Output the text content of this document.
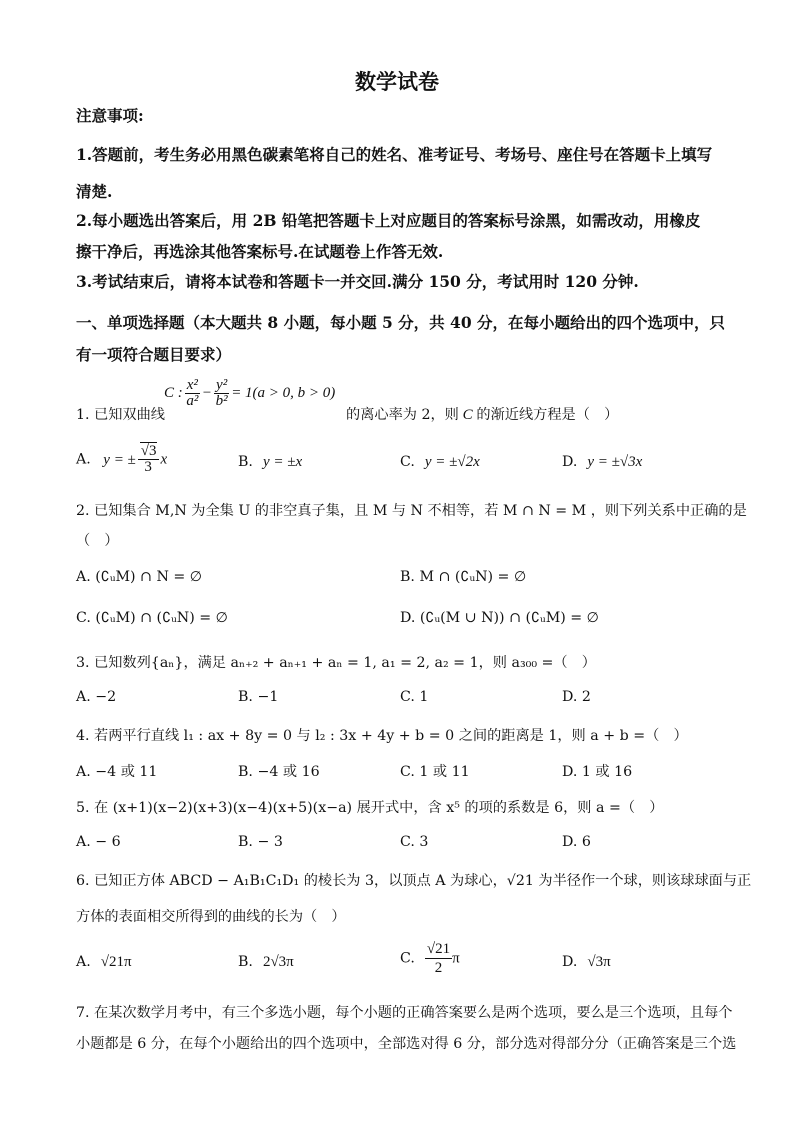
数学试卷
注意事项:
1.答题前，考生务必用黑色碳素笔将自己的姓名、准考证号、考场号、座住号在答题卡上填写
清楚.
2.每小题选出答案后，用 2B 铅笔把答题卡上对应题目的答案标号涂黑，如需改动，用橡皮
擦干净后，再选涂其他答案标号.在试题卷上作答无效.
3.考试结束后，请将本试卷和答题卡一并交回.满分 150 分，考试用时 120 分钟.
一、单项选择题（本大题共 8 小题，每小题 5 分，共 40 分，在每小题给出的四个选项中，只
有一项符合题目要求）
1. 已知双曲线
C : $\frac{\text{x²}}{\text{a²}} - \frac{\text{y²}}{\text{b²}} = 1(a > 0$, b > 0)
的离心率为 2，则 C 的渐近线方程是（　）
A. y = ± $\frac{√3}{3}$ x	B. y = ±x	C. y = ±√2x	D. y = ±√3x
2. 已知集合 M,N 为全集 U 的非空真子集，且 M 与 N 不相等，若 M ∩ N = M ，则下列关系中正确的是
（　）
A. (∁ᵤM) ∩ N = ∅	B. M ∩ (∁ᵤN) = ∅
C. (∁ᵤM) ∩ (∁ᵤN) = ∅	D. (∁ᵤ(M ∪ N)) ∩ (∁ᵤM) = ∅
3. 已知数列{aₙ}，满足 aₙ₊₂ + aₙ₊₁ + aₙ = 1, a₁ = 2, a₂ = 1，则 a₃₀₀ =（　）
A. −2	B. −1	C. 1	D. 2
4. 若两平行直线 l₁ : ax + 8y = 0 与 l₂ : 3x + 4y + b = 0 之间的距离是 1，则 a + b =（　）
A. −4 或 11	B. −4 或 16	C. 1 或 11	D. 1 或 16
5. 在 (x+1)(x−2)(x+3)(x−4)(x+5)(x−a) 展开式中，含 x⁵ 的项的系数是 6，则 a =（　）
A. − 6	B. − 3	C. 3	D. 6
6. 已知正方体 ABCD − A₁B₁C₁D₁ 的棱长为 3，以顶点 A 为球心，√21 为半径作一个球，则该球球面与正
方体的表面相交所得到的曲线的长为（　）
A. √21π	B. 2√3π	C. $\frac{√21}{2}$ π	D. √3π
7. 在某次数学月考中，有三个多选小题，每个小题的正确答案要么是两个选项，要么是三个选项，且每个
小题都是 6 分，在每个小题给出的四个选项中，全部选对得 6 分，部分选对得部分分（正确答案是三个选
